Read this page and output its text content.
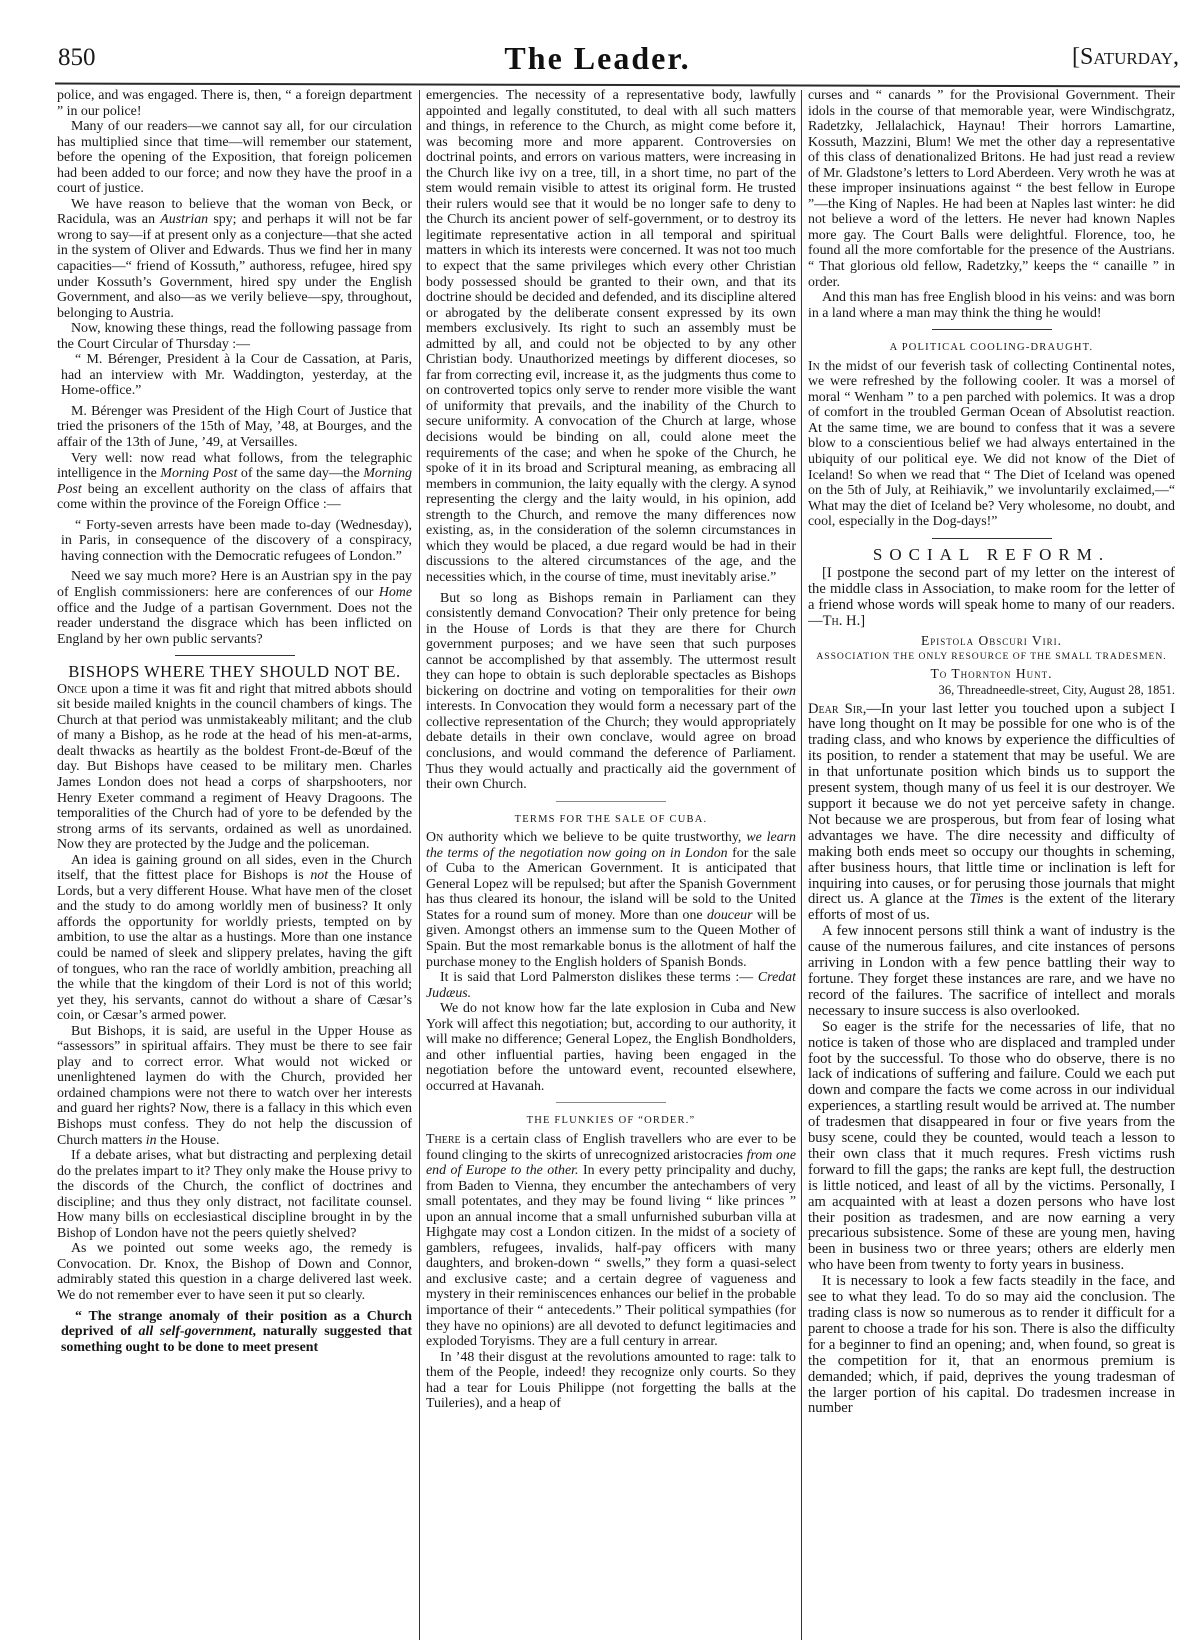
850	The Leader.	[Saturday,

police, and was engaged. There is, then, “ a foreign department ” in our police!

Many of our readers—we cannot say all, for our circulation has multiplied since that time—will remember our statement, before the opening of the Exposition, that foreign policemen had been added to our force; and now they have the proof in a court of justice.

We have reason to believe that the woman von Beck, or Racidula, was an Austrian spy; and perhaps it will not be far wrong to say—if at present only as a conjecture—that she acted in the system of Oliver and Edwards. Thus we find her in many capacities—“ friend of Kossuth,” authoress, refugee, hired spy under Kossuth’s Government, hired spy under the English Government, and also—as we verily believe—spy, throughout, belonging to Austria.

Now, knowing these things, read the following passage from the Court Circular of Thursday :—

“ M. Bérenger, President à la Cour de Cassation, at Paris, had an interview with Mr. Waddington, yesterday, at the Home-office.”

M. Bérenger was President of the High Court of Justice that tried the prisoners of the 15th of May, ’48, at Bourges, and the affair of the 13th of June, ’49, at Versailles.

Very well: now read what follows, from the telegraphic intelligence in the Morning Post of the same day—the Morning Post being an excellent authority on the class of affairs that come within the province of the Foreign Office :—

“ Forty-seven arrests have been made to-day (Wednesday), in Paris, in consequence of the discovery of a conspiracy, having connection with the Democratic refugees of London.”

Need we say much more? Here is an Austrian spy in the pay of English commissioners: here are conferences of our Home office and the Judge of a partisan Government. Does not the reader understand the disgrace which has been inflicted on England by her own public servants?

BISHOPS WHERE THEY SHOULD NOT BE.

Once upon a time it was fit and right that mitred abbots should sit beside mailed knights in the council chambers of kings. The Church at that period was unmistakeably militant; and the club of many a Bishop, as he rode at the head of his men-at-arms, dealt thwacks as heartily as the boldest Front-de-Bœuf of the day. But Bishops have ceased to be military men. Charles James London does not head a corps of sharpshooters, nor Henry Exeter command a regiment of Heavy Dragoons. The temporalities of the Church had of yore to be defended by the strong arms of its servants, ordained as well as unordained. Now they are protected by the Judge and the policeman.

An idea is gaining ground on all sides, even in the Church itself, that the fittest place for Bishops is not the House of Lords, but a very different House. What have men of the closet and the study to do among worldly men of business? It only affords the opportunity for worldly priests, tempted on by ambition, to use the altar as a hustings. More than one instance could be named of sleek and slippery prelates, having the gift of tongues, who ran the race of worldly ambition, preaching all the while that the kingdom of their Lord is not of this world; yet they, his servants, cannot do without a share of Cæsar’s coin, or Cæsar’s armed power.

But Bishops, it is said, are useful in the Upper House as “assessors” in spiritual affairs. They must be there to see fair play and to correct error. What would not wicked or unenlightened laymen do with the Church, provided her ordained champions were not there to watch over her interests and guard her rights? Now, there is a fallacy in this which even Bishops must confess. They do not help the discussion of Church matters in the House.

If a debate arises, what but distracting and perplexing detail do the prelates impart to it? They only make the House privy to the discords of the Church, the conflict of doctrines and discipline; and thus they only distract, not facilitate counsel. How many bills on ecclesiastical discipline brought in by the Bishop of London have not the peers quietly shelved?

As we pointed out some weeks ago, the remedy is Convocation. Dr. Knox, the Bishop of Down and Connor, admirably stated this question in a charge delivered last week. We do not remember ever to have seen it put so clearly.

“ The strange anomaly of their position as a Church deprived of all self-government, naturally suggested that something ought to be done to meet present

emergencies. The necessity of a representative body, lawfully appointed and legally constituted, to deal with all such matters and things, in reference to the Church, as might come before it, was becoming more and more apparent. Controversies on doctrinal points, and errors on various matters, were increasing in the Church like ivy on a tree, till, in a short time, no part of the stem would remain visible to attest its original form. He trusted their rulers would see that it would be no longer safe to deny to the Church its ancient power of self-government, or to destroy its legitimate representative action in all temporal and spiritual matters in which its interests were concerned. It was not too much to expect that the same privileges which every other Christian body possessed should be granted to their own, and that its doctrine should be decided and defended, and its discipline altered or abrogated by the deliberate consent expressed by its own members exclusively. Its right to such an assembly must be admitted by all, and could not be objected to by any other Christian body. Unauthorized meetings by different dioceses, so far from correcting evil, increase it, as the judgments thus come to on controverted topics only serve to render more visible the want of uniformity that prevails, and the inability of the Church to secure uniformity. A convocation of the Church at large, whose decisions would be binding on all, could alone meet the requirements of the case; and when he spoke of the Church, he spoke of it in its broad and Scriptural meaning, as embracing all members in communion, the laity equally with the clergy. A synod representing the clergy and the laity would, in his opinion, add strength to the Church, and remove the many differences now existing, as, in the consideration of the solemn circumstances in which they would be placed, a due regard would be had in their discussions to the altered circumstances of the age, and the necessities which, in the course of time, must inevitably arise.”

But so long as Bishops remain in Parliament can they consistently demand Convocation? Their only pretence for being in the House of Lords is that they are there for Church government purposes; and we have seen that such purposes cannot be accomplished by that assembly. The uttermost result they can hope to obtain is such deplorable spectacles as Bishops bickering on doctrine and voting on temporalities for their own interests. In Convocation they would form a necessary part of the collective representation of the Church; they would appropriately debate details in their own conclave, would agree on broad conclusions, and would command the deference of Parliament. Thus they would actually and practically aid the government of their own Church.

TERMS FOR THE SALE OF CUBA.

On authority which we believe to be quite trustworthy, we learn the terms of the negotiation now going on in London for the sale of Cuba to the American Government. It is anticipated that General Lopez will be repulsed; but after the Spanish Government has thus cleared its honour, the island will be sold to the United States for a round sum of money. More than one douceur will be given. Amongst others an immense sum to the Queen Mother of Spain. But the most remarkable bonus is the allotment of half the purchase money to the English holders of Spanish Bonds.

It is said that Lord Palmerston dislikes these terms :— Credat Judæus.

We do not know how far the late explosion in Cuba and New York will affect this negotiation; but, according to our authority, it will make no difference; General Lopez, the English Bondholders, and other influential parties, having been engaged in the negotiation before the untoward event, recounted elsewhere, occurred at Havanah.

THE FLUNKIES OF “ORDER.”

There is a certain class of English travellers who are ever to be found clinging to the skirts of unrecognized aristocracies from one end of Europe to the other. In every petty principality and duchy, from Baden to Vienna, they encumber the antechambers of very small potentates, and they may be found living “ like princes ” upon an annual income that a small unfurnished suburban villa at Highgate may cost a London citizen. In the midst of a society of gamblers, refugees, invalids, half-pay officers with many daughters, and broken-down “ swells,” they form a quasi-select and exclusive caste; and a certain degree of vagueness and mystery in their reminiscences enhances our belief in the probable importance of their “ antecedents.” Their political sympathies (for they have no opinions) are all devoted to defunct legitimacies and exploded Toryisms. They are a full century in arrear.

In ’48 their disgust at the revolutions amounted to rage: talk to them of the People, indeed! they recognize only courts. So they had a tear for Louis Philippe (not forgetting the balls at the Tuileries), and a heap of

curses and “ canards ” for the Provisional Government. Their idols in the course of that memorable year, were Windischgratz, Radetzky, Jellalachick, Haynau! Their horrors Lamartine, Kossuth, Mazzini, Blum! We met the other day a representative of this class of denationalized Britons. He had just read a review of Mr. Gladstone’s letters to Lord Aberdeen. Very wroth he was at these improper insinuations against “ the best fellow in Europe ”—the King of Naples. He had been at Naples last winter: he did not believe a word of the letters. He never had known Naples more gay. The Court Balls were delightful. Florence, too, he found all the more comfortable for the presence of the Austrians. “ That glorious old fellow, Radetzky,” keeps the “ canaille ” in order.

And this man has free English blood in his veins: and was born in a land where a man may think the thing he would!

A POLITICAL COOLING-DRAUGHT.

In the midst of our feverish task of collecting Continental notes, we were refreshed by the following cooler. It was a morsel of moral “ Wenham ” to a pen parched with polemics. It was a drop of comfort in the troubled German Ocean of Absolutist reaction. At the same time, we are bound to confess that it was a severe blow to a conscientious belief we had always entertained in the ubiquity of our political eye. We did not know of the Diet of Iceland! So when we read that “ The Diet of Iceland was opened on the 5th of July, at Reihiavik,” we involuntarily exclaimed,—“ What may the diet of Iceland be? Very wholesome, no doubt, and cool, especially in the Dog-days!”

SOCIAL REFORM.

[I postpone the second part of my letter on the interest of the middle class in Association, to make room for the letter of a friend whose words will speak home to many of our readers.—Th. H.]

Epistola Obscuri Viri.
ASSOCIATION THE ONLY RESOURCE OF THE SMALL TRADESMEN.
To Thornton Hunt.
36, Threadneedle-street, City, August 28, 1851.

Dear Sir,—In your last letter you touched upon a subject I have long thought on It may be possible for one who is of the trading class, and who knows by experience the difficulties of its position, to render a statement that may be useful. We are in that unfortunate position which binds us to support the present system, though many of us feel it is our destroyer. We support it because we do not yet perceive safety in change. Not because we are prosperous, but from fear of losing what advantages we have. The dire necessity and difficulty of making both ends meet so occupy our thoughts in scheming, after business hours, that little time or inclination is left for inquiring into causes, or for perusing those journals that might direct us. A glance at the Times is the extent of the literary efforts of most of us.

A few innocent persons still think a want of industry is the cause of the numerous failures, and cite instances of persons arriving in London with a few pence battling their way to fortune. They forget these instances are rare, and we have no record of the failures. The sacrifice of intellect and morals necessary to insure success is also overlooked.

So eager is the strife for the necessaries of life, that no notice is taken of those who are displaced and trampled under foot by the successful. To those who do observe, there is no lack of indications of suffering and failure. Could we each put down and compare the facts we come across in our individual experiences, a startling result would be arrived at. The number of tradesmen that disappeared in four or five years from the busy scene, could they be counted, would teach a lesson to their own class that it much requres. Fresh victims rush forward to fill the gaps; the ranks are kept full, the destruction is little noticed, and least of all by the victims. Personally, I am acquainted with at least a dozen persons who have lost their position as tradesmen, and are now earning a very precarious subsistence. Some of these are young men, having been in business two or three years; others are elderly men who have been from twenty to forty years in business.

It is necessary to look a few facts steadily in the face, and see to what they lead. To do so may aid the conclusion. The trading class is now so numerous as to render it difficult for a parent to choose a trade for his son. There is also the difficulty for a beginner to find an opening; and, when found, so great is the competition for it, that an enormous premium is demanded; which, if paid, deprives the young tradesman of the larger portion of his capital. Do tradesmen increase in number
